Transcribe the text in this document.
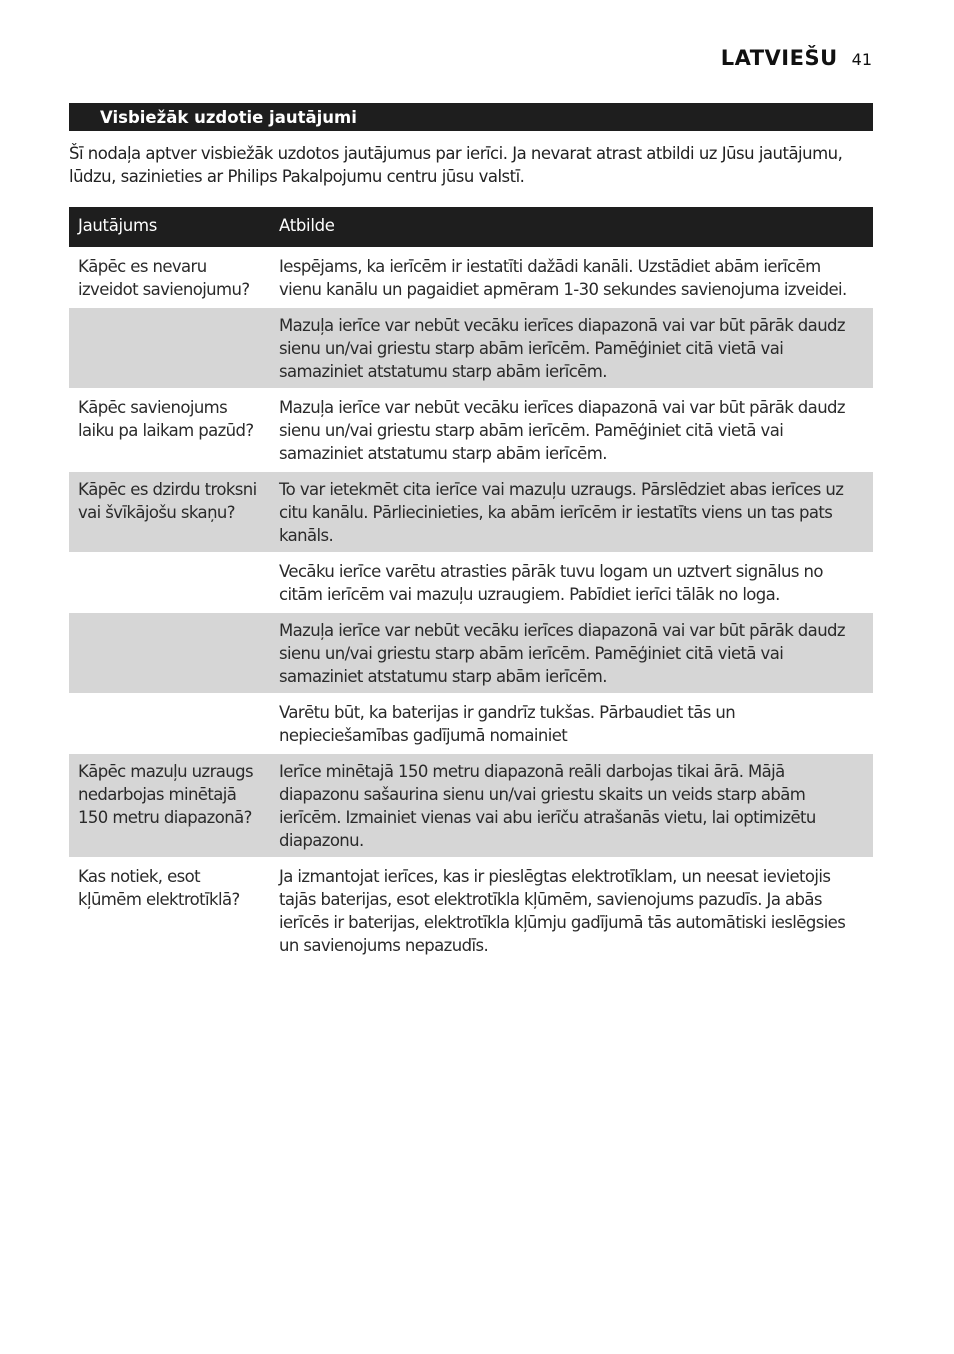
LATVIEŠU 41
Visbiežāk uzdotie jautājumi

Šī nodaļa aptver visbiežāk uzdotos jautājumus par ierīci. Ja nevarat atrast atbildi uz Jūsu jautājumu, lūdzu, sazinieties ar Philips Pakalpojumu centru jūsu valstī.

Jautājums	Atbilde
Kāpēc es nevaru izveidot savienojumu?	Iespējams, ka ierīcēm ir iestatīti dažādi kanāli. Uzstādiet abām ierīcēm vienu kanālu un pagaidiet apmēram 1-30 sekundes savienojuma izveidei.
	Mazuļa ierīce var nebūt vecāku ierīces diapazonā vai var būt pārāk daudz sienu un/vai griestu starp abām ierīcēm. Pamēģiniet citā vietā vai samaziniet atstatumu starp abām ierīcēm.
Kāpēc savienojums laiku pa laikam pazūd?	Mazuļa ierīce var nebūt vecāku ierīces diapazonā vai var būt pārāk daudz sienu un/vai griestu starp abām ierīcēm. Pamēģiniet citā vietā vai samaziniet atstatumu starp abām ierīcēm.
Kāpēc es dzirdu troksni vai švīkājošu skaņu?	To var ietekmēt cita ierīce vai mazuļu uzraugs. Pārslēdziet abas ierīces uz citu kanālu. Pārliecinieties, ka abām ierīcēm ir iestatīts viens un tas pats kanāls.
	Vecāku ierīce varētu atrasties pārāk tuvu logam un uztvert signālus no citām ierīcēm vai mazuļu uzraugiem. Pabīdiet ierīci tālāk no loga.
	Mazuļa ierīce var nebūt vecāku ierīces diapazonā vai var būt pārāk daudz sienu un/vai griestu starp abām ierīcēm. Pamēģiniet citā vietā vai samaziniet atstatumu starp abām ierīcēm.
	Varētu būt, ka baterijas ir gandrīz tukšas. Pārbaudiet tās un nepieciešamības gadījumā nomainiet
Kāpēc mazuļu uzraugs nedarbojas minētajā 150 metru diapazonā?	Ierīce minētajā 150 metru diapazonā reāli darbojas tikai ārā. Mājā diapazonu sašaurina sienu un/vai griestu skaits un veids starp abām ierīcēm. Izmainiet vienas vai abu ierīču atrašanās vietu, lai optimizētu diapazonu.
Kas notiek, esot kļūmēm elektrotīklā?	Ja izmantojat ierīces, kas ir pieslēgtas elektrotīklam, un neesat ievietojis tajās baterijas, esot elektrotīkla kļūmēm, savienojums pazudīs. Ja abās ierīcēs ir baterijas, elektrotīkla kļūmju gadījumā tās automātiski ieslēgsies un savienojums nepazudīs.
